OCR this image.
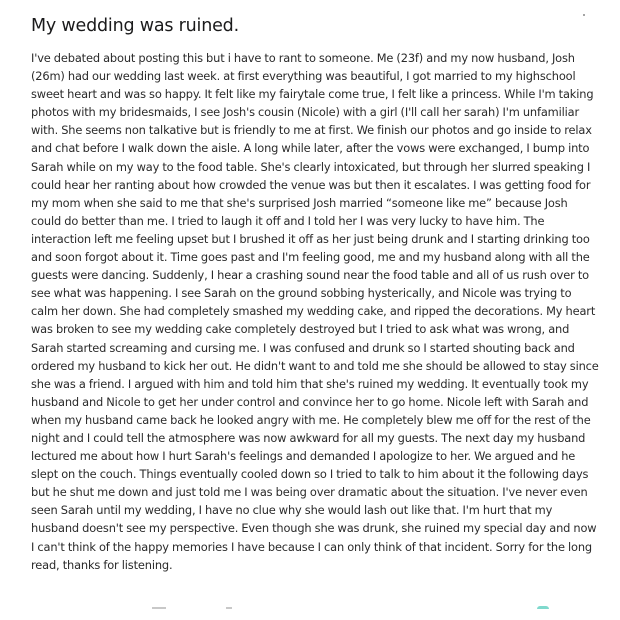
My wedding was ruined.

I've debated about posting this but i have to rant to someone. Me (23f) and my now husband, Josh (26m) had our wedding last week. at first everything was beautiful, I got married to my highschool sweet heart and was so happy. It felt like my fairytale come true, I felt like a princess. While I'm taking photos with my bridesmaids, I see Josh's cousin (Nicole) with a girl (I'll call her sarah) I'm unfamiliar with. She seems non talkative but is friendly to me at first. We finish our photos and go inside to relax and chat before I walk down the aisle. A long while later, after the vows were exchanged, I bump into Sarah while on my way to the food table. She's clearly intoxicated, but through her slurred speaking I could hear her ranting about how crowded the venue was but then it escalates. I was getting food for my mom when she said to me that she's surprised Josh married “someone like me” because Josh could do better than me. I tried to laugh it off and I told her I was very lucky to have him. The interaction left me feeling upset but I brushed it off as her just being drunk and I starting drinking too and soon forgot about it. Time goes past and I'm feeling good, me and my husband along with all the guests were dancing. Suddenly, I hear a crashing sound near the food table and all of us rush over to see what was happening. I see Sarah on the ground sobbing hysterically, and Nicole was trying to calm her down. She had completely smashed my wedding cake, and ripped the decorations. My heart was broken to see my wedding cake completely destroyed but I tried to ask what was wrong, and Sarah started screaming and cursing me. I was confused and drunk so I started shouting back and ordered my husband to kick her out. He didn't want to and told me she should be allowed to stay since she was a friend. I argued with him and told him that she's ruined my wedding. It eventually took my husband and Nicole to get her under control and convince her to go home. Nicole left with Sarah and when my husband came back he looked angry with me. He completely blew me off for the rest of the night and I could tell the atmosphere was now awkward for all my guests. The next day my husband lectured me about how I hurt Sarah's feelings and demanded I apologize to her. We argued and he slept on the couch. Things eventually cooled down so I tried to talk to him about it the following days but he shut me down and just told me I was being over dramatic about the situation. I've never even seen Sarah until my wedding, I have no clue why she would lash out like that. I'm hurt that my husband doesn't see my perspective. Even though she was drunk, she ruined my special day and now I can't think of the happy memories I have because I can only think of that incident. Sorry for the long read, thanks for listening.
